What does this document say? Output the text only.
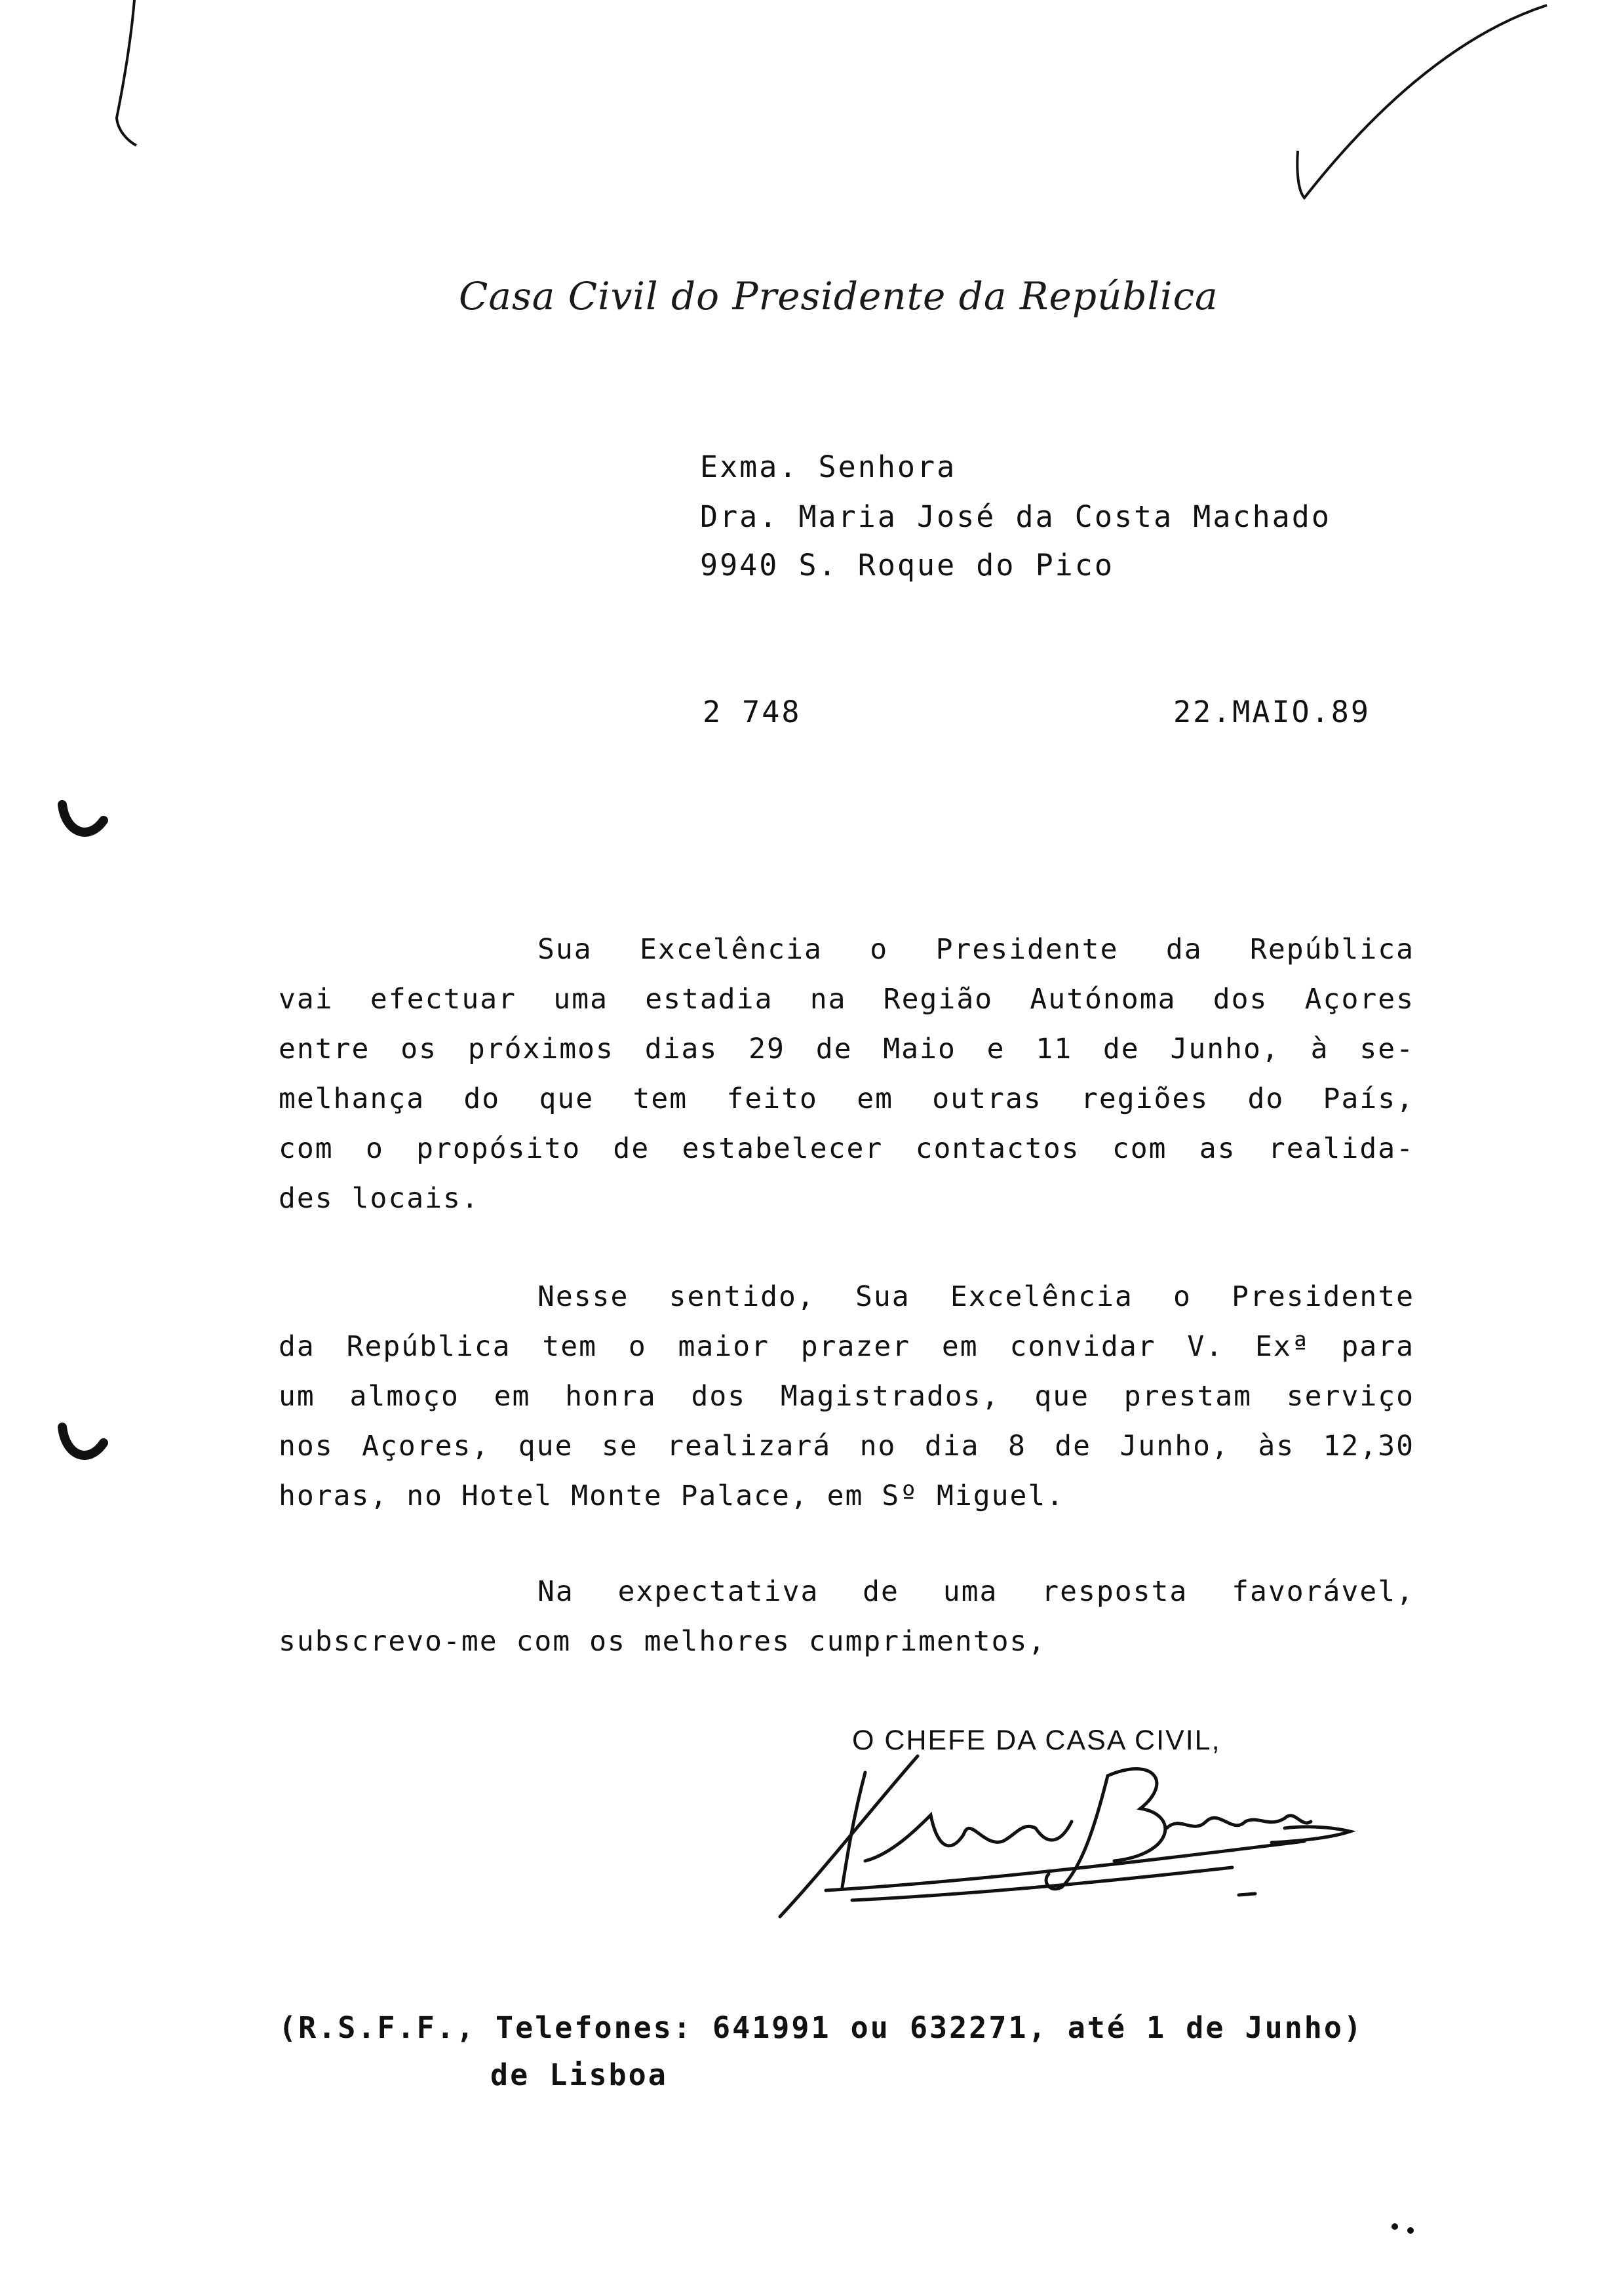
Casa Civil do Presidente da República
Exma. Senhora
Dra. Maria José da Costa Machado
9940 S. Roque do Pico
2 748	22.MAIO.89
Sua Excelência o Presidente da República
vai efectuar uma estadia na Região Autónoma dos Açores
entre os próximos dias 29 de Maio e 11 de Junho, à se-
melhança do que tem feito em outras regiões do País,
com o propósito de estabelecer contactos com as realida-
des locais.
Nesse sentido, Sua Excelência o Presidente
da República tem o maior prazer em convidar V. Exª para
um almoço em honra dos Magistrados, que prestam serviço
nos Açores, que se realizará no dia 8 de Junho, às 12,30
horas, no Hotel Monte Palace, em Sº Miguel.
Na expectativa de uma resposta favorável,
subscrevo-me com os melhores cumprimentos,
O CHEFE DA CASA CIVIL,
(R.S.F.F., Telefones: 641991 ou 632271, até 1 de Junho)
de Lisboa
